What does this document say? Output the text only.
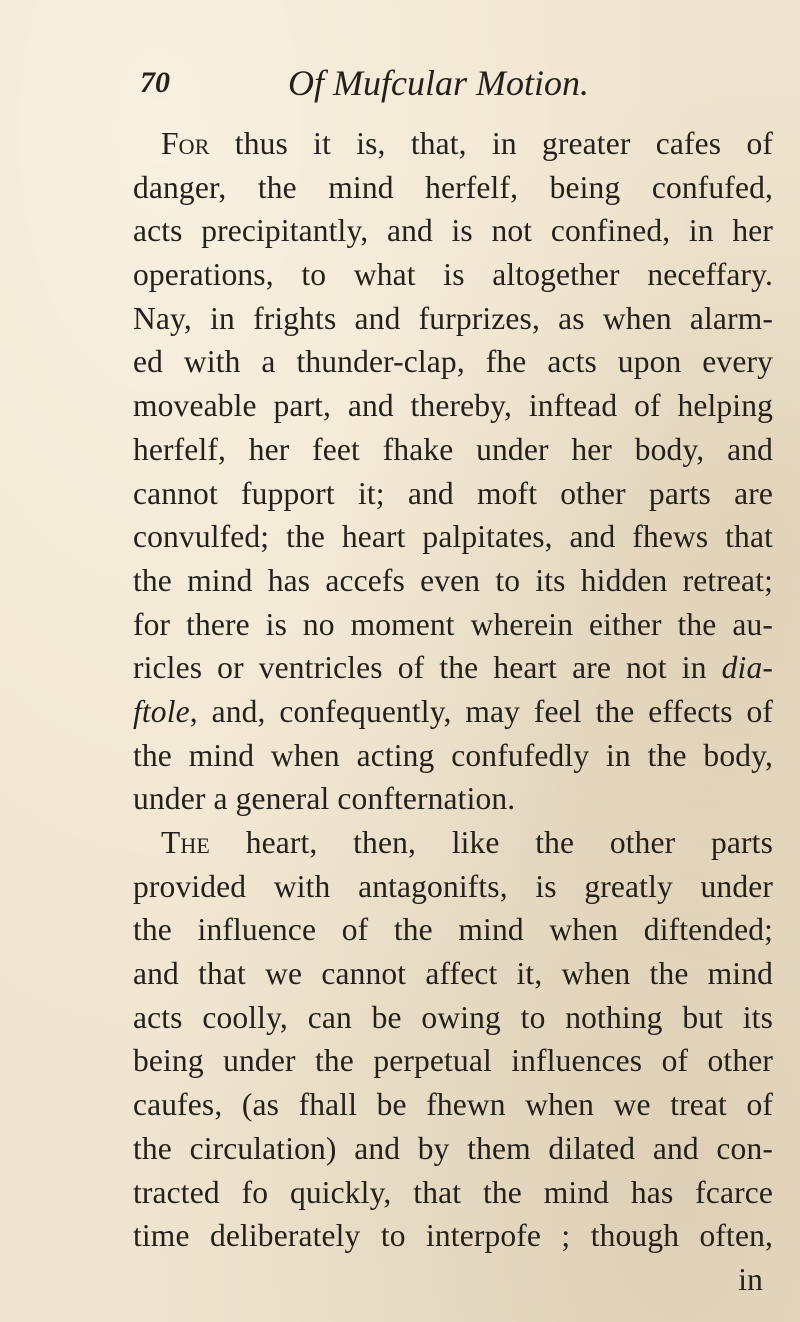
70	Of Mufcular Motion.
For thus it is, that, in greater cafes of
danger, the mind herfelf, being confufed,
acts precipitantly, and is not confined, in her
operations, to what is altogether neceffary.
Nay, in frights and furprizes, as when alarm-
ed with a thunder-clap, fhe acts upon every
moveable part, and thereby, inftead of helping
herfelf, her feet fhake under her body, and
cannot fupport it; and moft other parts are
convulfed; the heart palpitates, and fhews that
the mind has accefs even to its hidden retreat;
for there is no moment wherein either the au-
ricles or ventricles of the heart are not in dia-
ftole, and, confequently, may feel the effects of
the mind when acting confufedly in the body,
under a general confternation.
The heart, then, like the other parts
provided with antagonifts, is greatly under
the influence of the mind when diftended;
and that we cannot affect it, when the mind
acts coolly, can be owing to nothing but its
being under the perpetual influences of other
caufes, (as fhall be fhewn when we treat of
the circulation) and by them dilated and con-
tracted fo quickly, that the mind has fcarce
time deliberately to interpofe ; though often,
in
